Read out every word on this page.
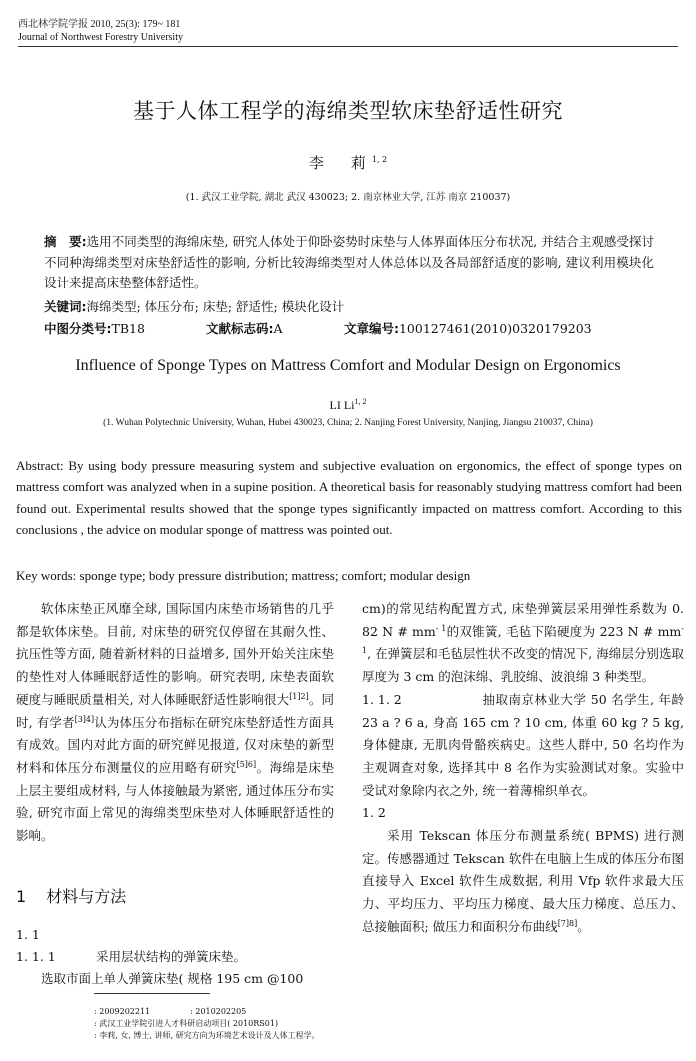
西北林学院学报 2010, 25(3): 179~ 181
Journal of Northwest Forestry University
基于人体工程学的海绵类型软床垫舒适性研究
李　莉$^{1, 2}$
(1. 武汉工业学院, 湖北 武汉 430023; 2. 南京林业大学, 江苏 南京 210037)
摘　要:选用不同类型的海绵床垫, 研究人体处于仰卧姿势时床垫与人体界面体压分布状况, 并结合主观感受探讨不同种海绵类型对床垫舒适性的影响, 分析比较海绵类型对人体总体以及各局部舒适度的影响, 建议利用模块化设计来提高床垫整体舒适性。
关键词:海绵类型; 体压分布; 床垫; 舒适性; 模块化设计
中图分类号:TB18	文献标志码:A	文章编号:100127461(2010)0320179203
Influence of Sponge Types on Mattress Comfort and Modular Design on Ergonomics
LI Li$^{1, 2}$
(1. Wuhan Polytechnic University, Wuhan, Hubei 430023, China; 2. Nanjing Forest University, Nanjing, Jiangsu 210037, China)
Abstract: By using body pressure measuring system and subjective evaluation on ergonomics, the effect of sponge types on mattress comfort was analyzed when in a supine position. A theoretical basis for reasonably studying mattress comfort had been found out. Experimental results showed that the sponge types significantly impacted on mattress comfort. According to this conclusions , the advice on modular sponge of mattress was pointed out.
Key words: sponge type; body pressure distribution; mattress; comfort; modular design

软体床垫正风靡全球, 国际国内床垫市场销售的几乎都是软体床垫。目前, 对床垫的研究仅停留在其耐久性、抗压性等方面, 随着新材料的日益增多, 国外开始关注床垫的垫性对人体睡眠舒适性的影响。研究表明, 床垫表面软硬度与睡眠质量相关, 对人体睡眠舒适性影响很大[1]2]。同时, 有学者[3]4]认为体压分布指标在研究床垫舒适性方面具有成效。国内对此方面的研究鲜见报道, 仅对床垫的新型材料和体压分布测量仪的应用略有研究[5]6]。海绵是床垫上层主要组成材料, 与人体接触最为紧密, 通过体压分布实验, 研究市面上常见的海绵类型床垫对人体睡眠舒适性的影响。

1 材料与方法

1. 1

1. 1. 1	采用层状结构的弹簧床垫。

选取市面上单人弹簧床垫( 规格 195 cm @100

cm)的常见结构配置方式, 床垫弹簧层采用弹性系数为 0. 82 N # $mm^{- 1}$的双锥簧, 毛毡下陷硬度为 223 N # $mm^{- 1}$, 在弹簧层和毛毡层性状不改变的情况下, 海绵层分别选取厚度为 3 cm 的泡沫绵、乳胶绵、波浪绵 3 种类型。

1. 1. 2	抽取南京林业大学 50 名学生, 年龄 23 a ? 6 a, 身高 165 cm ? 10 cm, 体重 60 kg ? 5 kg, 身体健康, 无肌肉骨骼疾病史。这些人群中, 50 名均作为主观调查对象, 选择其中 8 名作为实验测试对象。实验中受试对象除内衣之外, 统一着薄棉织单衣。

1. 2

采用 Tekscan 体压分布测量系统( BPMS) 进行测定。传感器通过 Tekscan 软件在电脑上生成的体压分布图直接导入 Excel 软件生成数据, 利用 Vfp 软件求最大压力、平均压力、平均压力梯度、最大压力梯度、总压力、总接触面积; 做压力和面积分布曲线[7]8]。

: 2009202211　　　　　: 2010202205
: 武汉工业学院引进人才科研启动项目( 2010RS01)
: 李莉, 女, 博士, 讲师, 研究方向为环境艺术设计及人体工程学。
